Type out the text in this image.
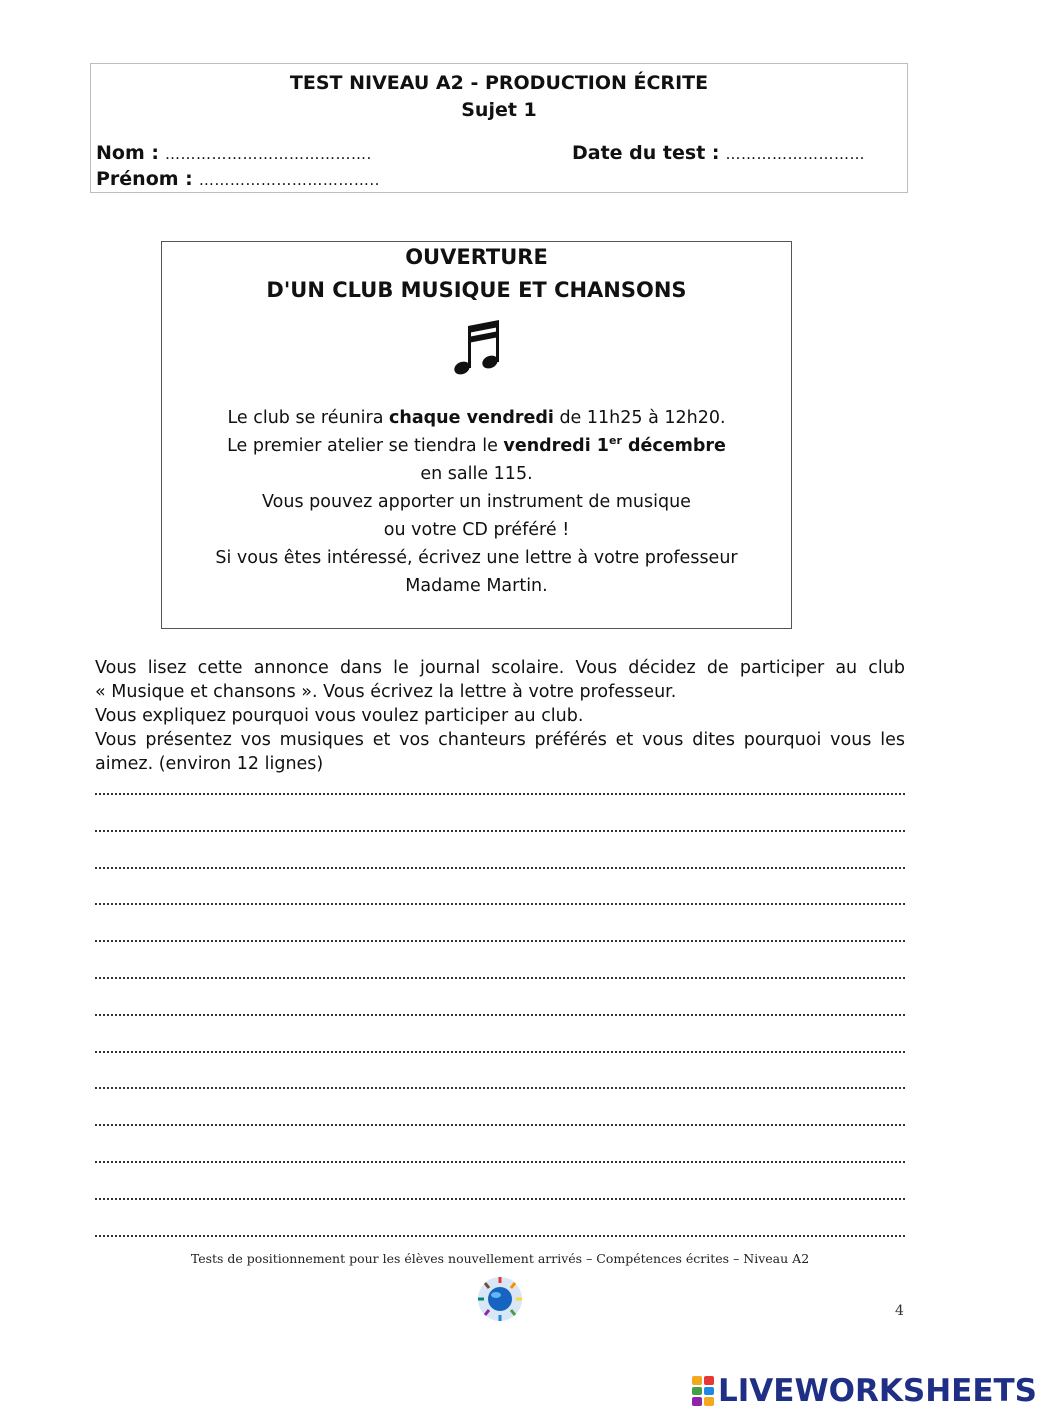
TEST NIVEAU A2 - PRODUCTION ÉCRITE
Sujet 1
Nom : ………………………………….	Date du test : ………………………
Prénom : ……………………………..
OUVERTURE
D'UN CLUB MUSIQUE ET CHANSONS
Le club se réunira chaque vendredi de 11h25 à 12h20.
Le premier atelier se tiendra le vendredi 1er décembre
en salle 115.
Vous pouvez apporter un instrument de musique
ou votre CD préféré !
Si vous êtes intéressé, écrivez une lettre à votre professeur
Madame Martin.
Vous lisez cette annonce dans le journal scolaire. Vous décidez de participer au club
« Musique et chansons ». Vous écrivez la lettre à votre professeur.
Vous expliquez pourquoi vous voulez participer au club.
Vous présentez vos musiques et vos chanteurs préférés et vous dites pourquoi vous les
aimez. (environ 12 lignes)
Tests de positionnement pour les élèves nouvellement arrivés – Compétences écrites – Niveau A2
4
LIVEWORKSHEETS
